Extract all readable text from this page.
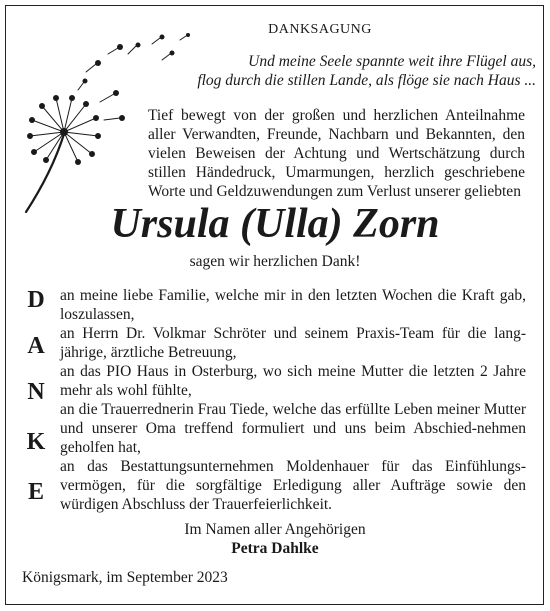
DANKSAGUNG
Und meine Seele spannte weit ihre Flügel aus,
flog durch die stillen Lande, als flöge sie nach Haus ...
Tief bewegt von der großen und herzlichen Anteilnahme aller Verwandten, Freunde, Nachbarn und Bekannten, den vielen Beweisen der Achtung und Wertschätzung durch stillen Händedruck, Umarmungen, herzlich geschriebene Worte und Geldzuwendungen zum Verlust unserer geliebten
Ursula (Ulla) Zorn
sagen wir herzlichen Dank!
D
A
N
K
E

an meine liebe Familie, welche mir in den letzten Wochen die Kraft gab, loszulassen,

an Herrn Dr. Volkmar Schröter und seinem Praxis-Team für die lang-jährige, ärztliche Betreuung,

an das PIO Haus in Osterburg, wo sich meine Mutter die letzten 2 Jahre mehr als wohl fühlte,

an die Trauerrednerin Frau Tiede, welche das erfüllte Leben meiner Mutter und unserer Oma treffend formuliert und uns beim Abschied-nehmen geholfen hat,

an das Bestattungsunternehmen Moldenhauer für das Einfühlungs-vermögen, für die sorgfältige Erledigung aller Aufträge sowie den würdigen Abschluss der Trauerfeierlichkeit.

Im Namen aller Angehörigen
Petra Dahlke
Königsmark, im September 2023
